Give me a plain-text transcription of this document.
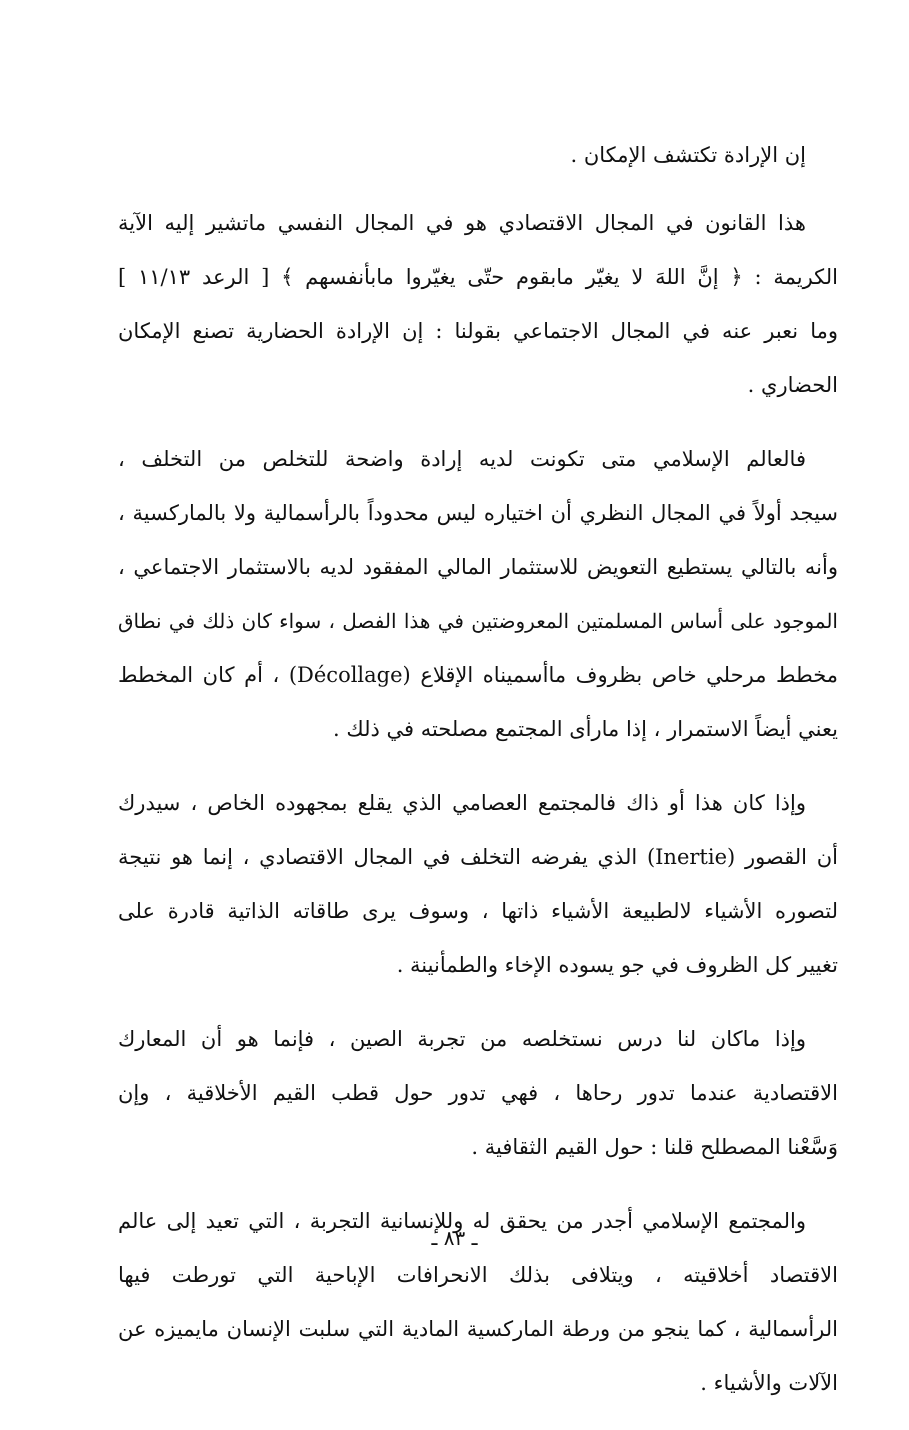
إن الإرادة تكتشف الإمكان .
هذا القانون في المجال الاقتصادي هو في المجال النفسي ماتشير إليه الآية
الكريمة : ﴿ إنَّ اللهَ لا يغيّر مابقوم حتّى يغيّروا مابأنفسهم ﴾ [ الرعد ١١/١٣ ]
وما نعبر عنه في المجال الاجتماعي بقولنا : إن الإرادة الحضارية تصنع الإمكان
الحضاري .
فالعالم الإسلامي متى تكونت لديه إرادة واضحة للتخلص من التخلف ،
سيجد أولاً في المجال النظري أن اختياره ليس محدوداً بالرأسمالية ولا بالماركسية ،
وأنه بالتالي يستطيع التعويض للاستثمار المالي المفقود لديه بالاستثمار الاجتماعي ،
الموجود على أساس المسلمتين المعروضتين في هذا الفصل ، سواء كان ذلك في نطاق
مخطط مرحلي خاص بظروف ماأسميناه الإقلاع (Décollage) ، أم كان المخطط
يعني أيضاً الاستمرار ، إذا مارأى المجتمع مصلحته في ذلك .
وإذا كان هذا أو ذاك فالمجتمع العصامي الذي يقلع بمجهوده الخاص ، سيدرك
أن القصور (Inertie) الذي يفرضه التخلف في المجال الاقتصادي ، إنما هو نتيجة
لتصوره الأشياء لالطبيعة الأشياء ذاتها ، وسوف يرى طاقاته الذاتية قادرة على
تغيير كل الظروف في جو يسوده الإخاء والطمأنينة .
وإذا ماكان لنا درس نستخلصه من تجربة الصين ، فإنما هو أن المعارك
الاقتصادية عندما تدور رحاها ، فهي تدور حول قطب القيم الأخلاقية ، وإن
وَسَّعْنا المصطلح قلنا : حول القيم الثقافية .
والمجتمع الإسلامي أجدر من يحقق له وللإنسانية التجربة ، التي تعيد إلى عالم
الاقتصاد أخلاقيته ، ويتلافى بذلك الانحرافات الإباحية التي تورطت فيها
الرأسمالية ، كما ينجو من ورطة الماركسية المادية التي سلبت الإنسان مايميزه عن
الآلات والأشياء .
ـ ٨٣ ـ
